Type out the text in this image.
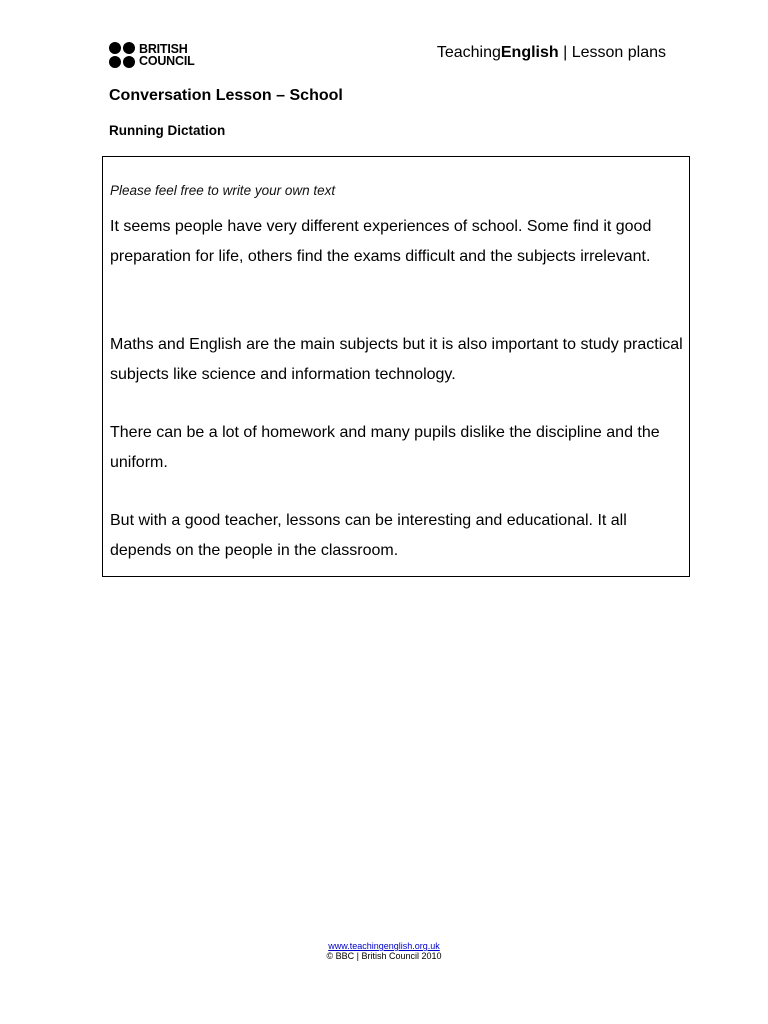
BRITISH
COUNCIL	TeachingEnglish | Lesson plans
Conversation Lesson – School
Running Dictation
Please feel free to write your own text
It seems people have very different experiences of school. Some find it good preparation for life, others find the exams difficult and the subjects irrelevant.
Maths and English are the main subjects but it is also important to study practical subjects like science and information technology.
There can be a lot of homework and many pupils dislike the discipline and the uniform.
But with a good teacher, lessons can be interesting and educational. It all depends on the people in the classroom.
www.teachingenglish.org.uk
© BBC | British Council 2010
